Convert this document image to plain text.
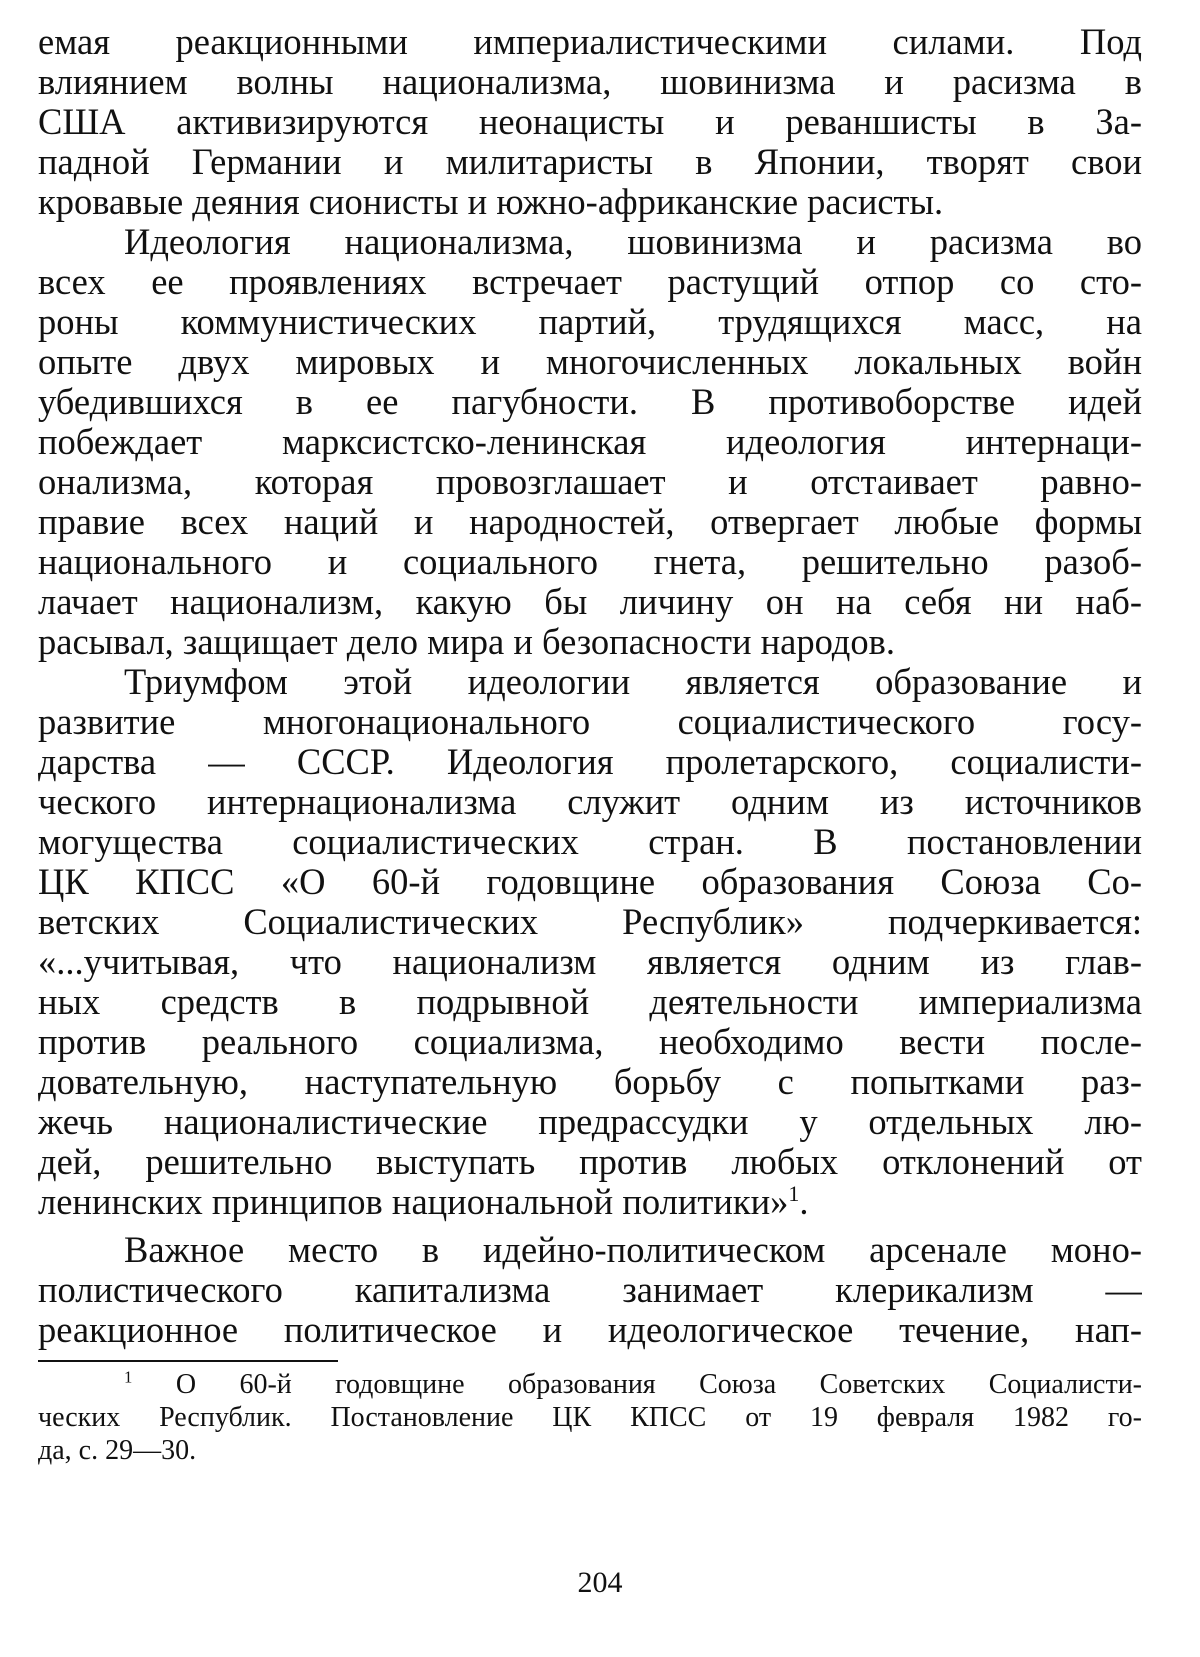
емая реакционными империалистическими силами. Под
влиянием волны национализма, шовинизма и расизма в
США активизируются неонацисты и реваншисты в За-
падной Германии и милитаристы в Японии, творят свои
кровавые деяния сионисты и южно-африканские расисты.
Идеология национализма, шовинизма и расизма во
всех ее проявлениях встречает растущий отпор со сто-
роны коммунистических партий, трудящихся масс, на
опыте двух мировых и многочисленных локальных войн
убедившихся в ее пагубности. В противоборстве идей
побеждает марксистско-ленинская идеология интернаци-
онализма, которая провозглашает и отстаивает равно-
правие всех наций и народностей, отвергает любые формы
национального и социального гнета, решительно разоб-
лачает национализм, какую бы личину он на себя ни наб-
расывал, защищает дело мира и безопасности народов.
Триумфом этой идеологии является образование и
развитие многонационального социалистического госу-
дарства — СССР. Идеология пролетарского, социалисти-
ческого интернационализма служит одним из источников
могущества социалистических стран. В постановлении
ЦК КПСС «О 60-й годовщине образования Союза Со-
ветских Социалистических Республик» подчеркивается:
«...учитывая, что национализм является одним из глав-
ных средств в подрывной деятельности империализма
против реального социализма, необходимо вести после-
довательную, наступательную борьбу с попытками раз-
жечь националистические предрассудки у отдельных лю-
дей, решительно выступать против любых отклонений от
ленинских принципов национальной политики»$^1$.
Важное место в идейно-политическом арсенале моно-
полистического капитализма занимает клерикализм —
реакционное политическое и идеологическое течение, нап-
$^1$ О 60-й годовщине образования Союза Советских Социалисти-
ческих Республик. Постановление ЦК КПСС от 19 февраля 1982 го-
да, с. 29—30.
204
